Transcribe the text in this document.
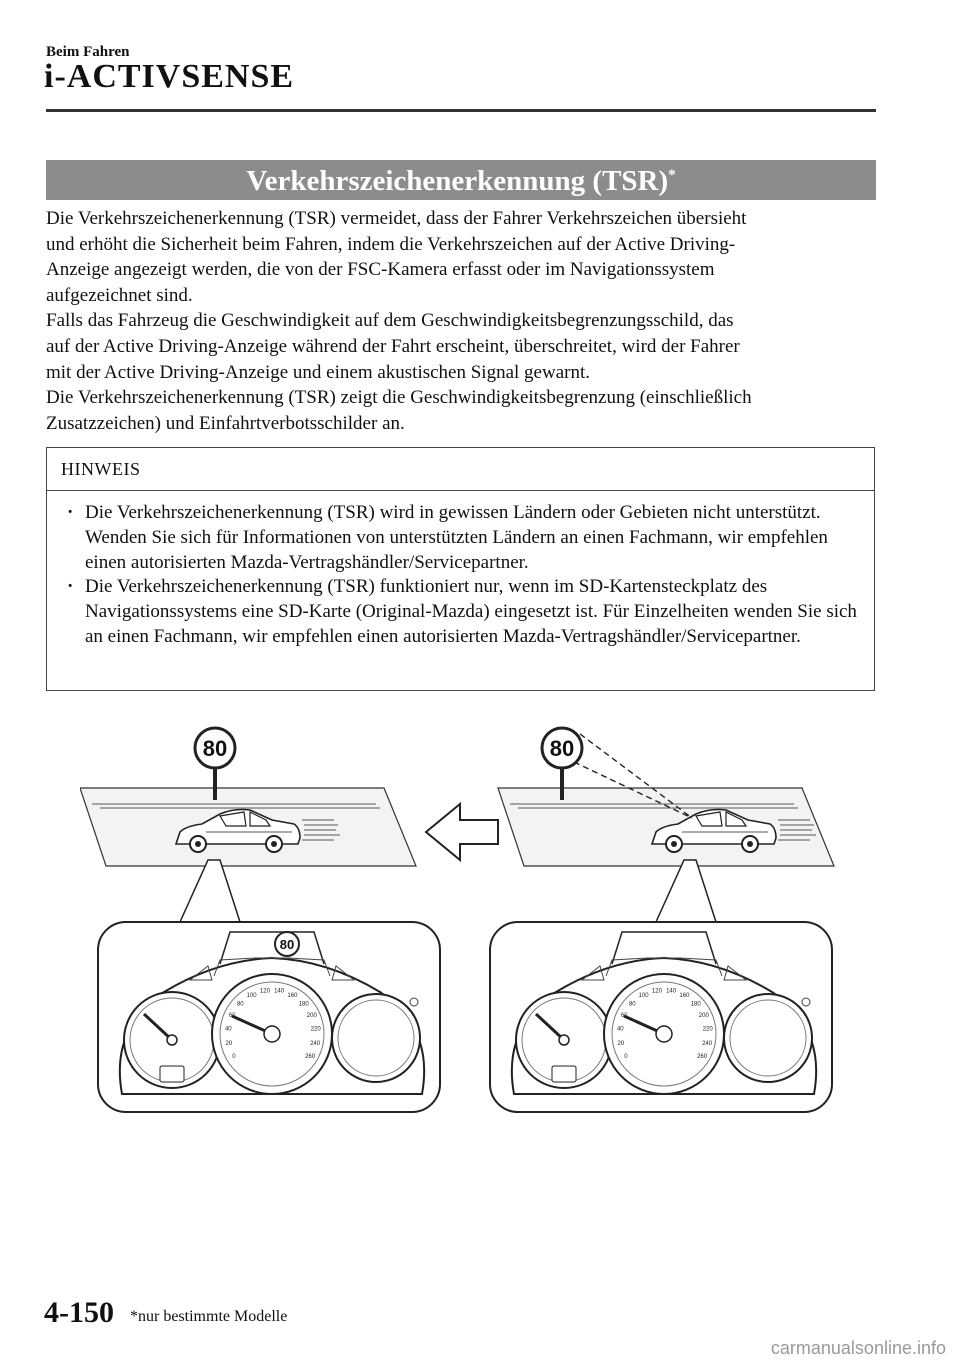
Beim Fahren
i-ACTIVSENSE
Verkehrszeichenerkennung (TSR)*

Die Verkehrszeichenerkennung (TSR) vermeidet, dass der Fahrer Verkehrszeichen übersieht

und erhöht die Sicherheit beim Fahren, indem die Verkehrszeichen auf der Active Driving-

Anzeige angezeigt werden, die von der FSC-Kamera erfasst oder im Navigationssystem

aufgezeichnet sind.

Falls das Fahrzeug die Geschwindigkeit auf dem Geschwindigkeitsbegrenzungsschild, das

auf der Active Driving-Anzeige während der Fahrt erscheint, überschreitet, wird der Fahrer

mit der Active Driving-Anzeige und einem akustischen Signal gewarnt.

Die Verkehrszeichenerkennung (TSR) zeigt die Geschwindigkeitsbegrenzung (einschließlich

Zusatzzeichen) und Einfahrtverbotsschilder an.

HINWEIS
· Die Verkehrszeichenerkennung (TSR) wird in gewissen Ländern oder Gebieten nicht unterstützt. Wenden Sie sich für Informationen von unterstützten Ländern an einen Fachmann, wir empfehlen einen autorisierten Mazda-Vertragshändler/Servicepartner.
· Die Verkehrszeichenerkennung (TSR) funktioniert nur, wenn im SD-Kartensteckplatz des Navigationssystems eine SD-Karte (Original-Mazda) eingesetzt ist. Für Einzelheiten wenden Sie sich an einen Fachmann, wir empfehlen einen autorisierten Mazda-Vertragshändler/Servicepartner.
80
80
80
0
20
40
60
80
100
120 140
160
180
200
220
240
260	0
20
40
60
80
100
120 140
160
180
200
220
240
260
4-150 *nur bestimmte Modelle
carmanualsonline.info
